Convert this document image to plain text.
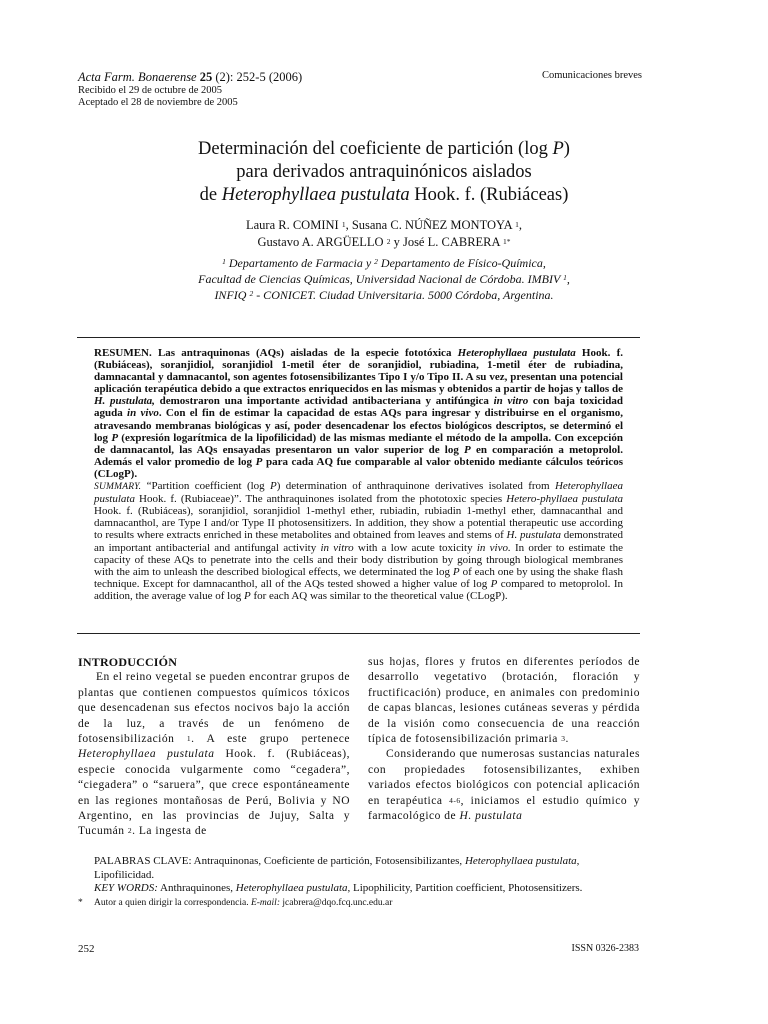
Acta Farm. Bonaerense 25 (2): 252-5 (2006)
Recibido el 29 de octubre de 2005
Aceptado el 28 de noviembre de 2005
Comunicaciones breves
Determinación del coeficiente de partición (log P)
para derivados antraquinónicos aislados
de Heterophyllaea pustulata Hook. f. (Rubiáceas)
Laura R. COMINI $^1$, Susana C. NÚÑEZ MONTOYA $^1$,
Gustavo A. ARGÜELLO $^2$ y José L. CABRERA $^{1*}$
$^1$ Departamento de Farmacia y $^2$ Departamento de Físico-Química,
Facultad de Ciencias Químicas, Universidad Nacional de Córdoba. IMBIV $^1$,
INFIQ $^2$ - CONICET. Ciudad Universitaria. 5000 Córdoba, Argentina.
RESUMEN. Las antraquinonas (AQs) aisladas de la especie fototóxica Heterophyllaea pustulata Hook. f. (Rubiáceas), soranjidiol, soranjidiol 1-metil éter de soranjidiol, rubiadina, 1-metil éter de rubiadina, damnacantal y damnacantol, son agentes fotosensibilizantes Tipo I y/o Tipo II. A su vez, presentan una potencial aplicación terapéutica debido a que extractos enriquecidos en las mismas y obtenidos a partir de hojas y tallos de H. pustulata, demostraron una importante actividad antibacteriana y antifúngica in vitro con baja toxicidad aguda in vivo. Con el fin de estimar la capacidad de estas AQs para ingresar y distribuirse en el organismo, atravesando membranas biológicas y así, poder desencadenar los efectos biológicos descriptos, se determinó el log P (expresión logarítmica de la lipofilicidad) de las mismas mediante el método de la ampolla. Con excepción de damnacantol, las AQs ensayadas presentaron un valor superior de log P en comparación a metoprolol. Además el valor promedio de log P para cada AQ fue comparable al valor obtenido mediante cálculos teóricos (CLogP).
SUMMARY. “Partition coefficient (log P) determination of anthraquinone derivatives isolated from Heterophyllaea pustulata Hook. f. (Rubiaceae)”. The anthraquinones isolated from the phototoxic species Hetero-phyllaea pustulata Hook. f. (Rubiáceas), soranjidiol, soranjidiol 1-methyl ether, rubiadin, rubiadin 1-methyl ether, damnacanthal and damnacanthol, are Type I and/or Type II photosensitizers. In addition, they show a potential therapeutic use according to results where extracts enriched in these metabolites and obtained from leaves and stems of H. pustulata demonstrated an important antibacterial and antifungal activity in vitro with a low acute toxicity in vivo. In order to estimate the capacity of these AQs to penetrate into the cells and their body distribution by going through biological membranes with the aim to unleash the described biological effects, we determinated the log P of each one by using the shake flash technique. Except for damnacanthol, all of the AQs tested showed a higher value of log P compared to metoprolol. In addition, the average value of log P for each AQ was similar to the theoretical value (CLogP).

INTRODUCCIÓN

En el reino vegetal se pueden encontrar grupos de plantas que contienen compuestos químicos tóxicos que desencadenan sus efectos nocivos bajo la acción de la luz, a través de un fenómeno de fotosensibilización $^1$. A este grupo pertenece Heterophyllaea pustulata Hook. f. (Rubiáceas), especie conocida vulgarmente como “cegadera”, “ciegadera” o “saruera”, que crece espontáneamente en las regiones montañosas de Perú, Bolivia y NO Argentino, en las provincias de Jujuy, Salta y Tucumán $^2$. La ingesta de

sus hojas, flores y frutos en diferentes períodos de desarrollo vegetativo (brotación, floración y fructificación) produce, en animales con predominio de capas blancas, lesiones cutáneas severas y pérdida de la visión como consecuencia de una reacción típica de fotosensibilización primaria $^3$.

Considerando que numerosas sustancias naturales con propiedades fotosensibilizantes, exhiben variados efectos biológicos con potencial aplicación en terapéutica $^{4-6}$, iniciamos el estudio químico y farmacológico de H. pustulata

PALABRAS CLAVE: Antraquinonas, Coeficiente de partición, Fotosensibilizantes, Heterophyllaea pustulata, Lipofilicidad.
KEY WORDS: Anthraquinones, Heterophyllaea pustulata, Lipophilicity, Partition coefficient, Photosensitizers.
* Autor a quien dirigir la correspondencia. E-mail: jcabrera@dqo.fcq.unc.edu.ar
252	ISSN 0326-2383
